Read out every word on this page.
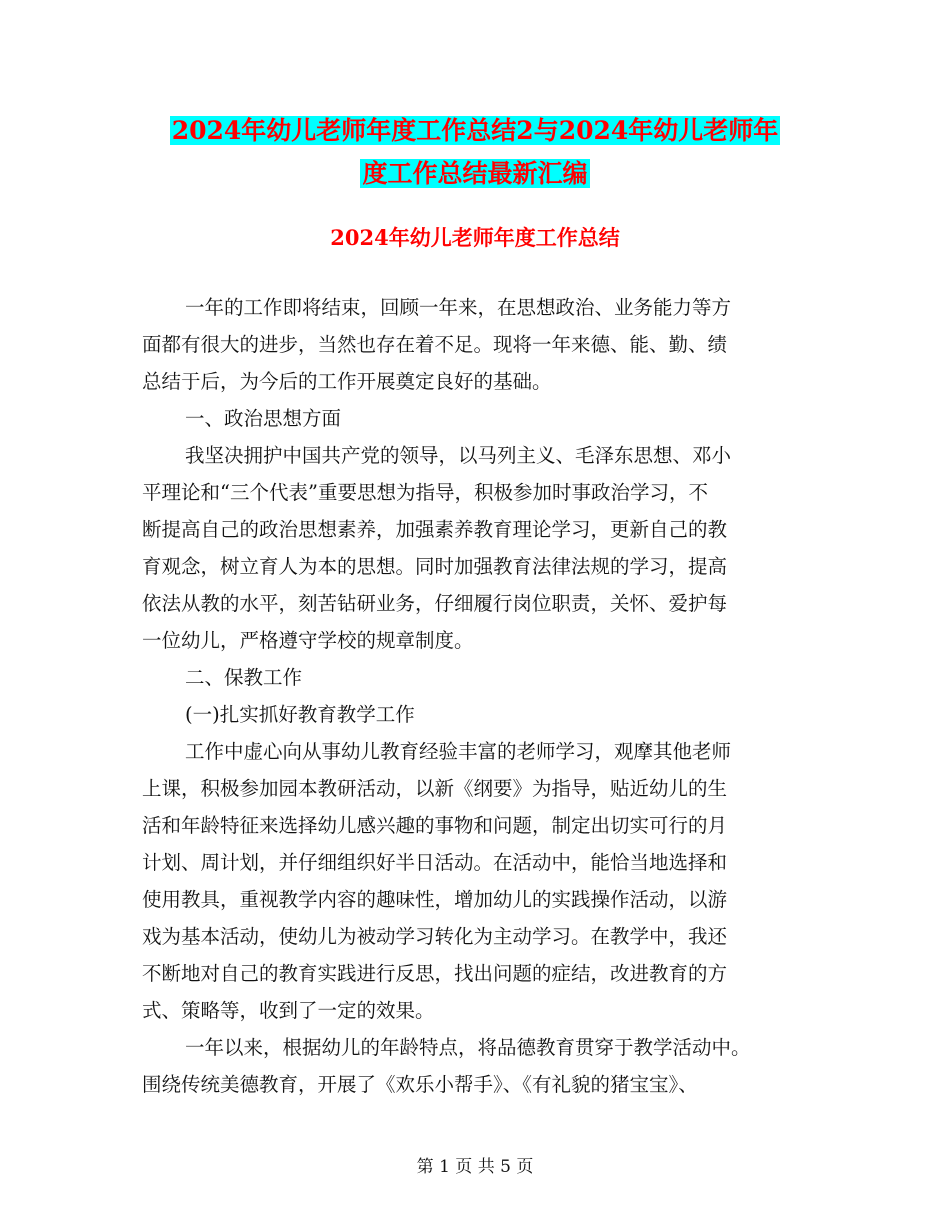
2024年幼儿老师年度工作总结2与2024年幼儿老师年
度工作总结最新汇编
2024年幼儿老师年度工作总结
一年的工作即将结束，回顾一年来，在思想政治、业务能力等方
面都有很大的进步，当然也存在着不足。现将一年来德、能、勤、绩
总结于后，为今后的工作开展奠定良好的基础。
一、政治思想方面
我坚决拥护中国共产党的领导，以马列主义、毛泽东思想、邓小
平理论和“三个代表”重要思想为指导，积极参加时事政治学习，不
断提高自己的政治思想素养，加强素养教育理论学习，更新自己的教
育观念，树立育人为本的思想。同时加强教育法律法规的学习，提高
依法从教的水平，刻苦钻研业务，仔细履行岗位职责，关怀、爱护每
一位幼儿，严格遵守学校的规章制度。
二、保教工作
(一)扎实抓好教育教学工作
工作中虚心向从事幼儿教育经验丰富的老师学习，观摩其他老师
上课，积极参加园本教研活动，以新《纲要》为指导，贴近幼儿的生
活和年龄特征来选择幼儿感兴趣的事物和问题，制定出切实可行的月
计划、周计划，并仔细组织好半日活动。在活动中，能恰当地选择和
使用教具，重视教学内容的趣味性，增加幼儿的实践操作活动，以游
戏为基本活动，使幼儿为被动学习转化为主动学习。在教学中，我还
不断地对自己的教育实践进行反思，找出问题的症结，改进教育的方
式、策略等，收到了一定的效果。
一年以来，根据幼儿的年龄特点，将品德教育贯穿于教学活动中。
围绕传统美德教育，开展了《欢乐小帮手》、《有礼貌的猪宝宝》、
第 1 页 共 5 页
